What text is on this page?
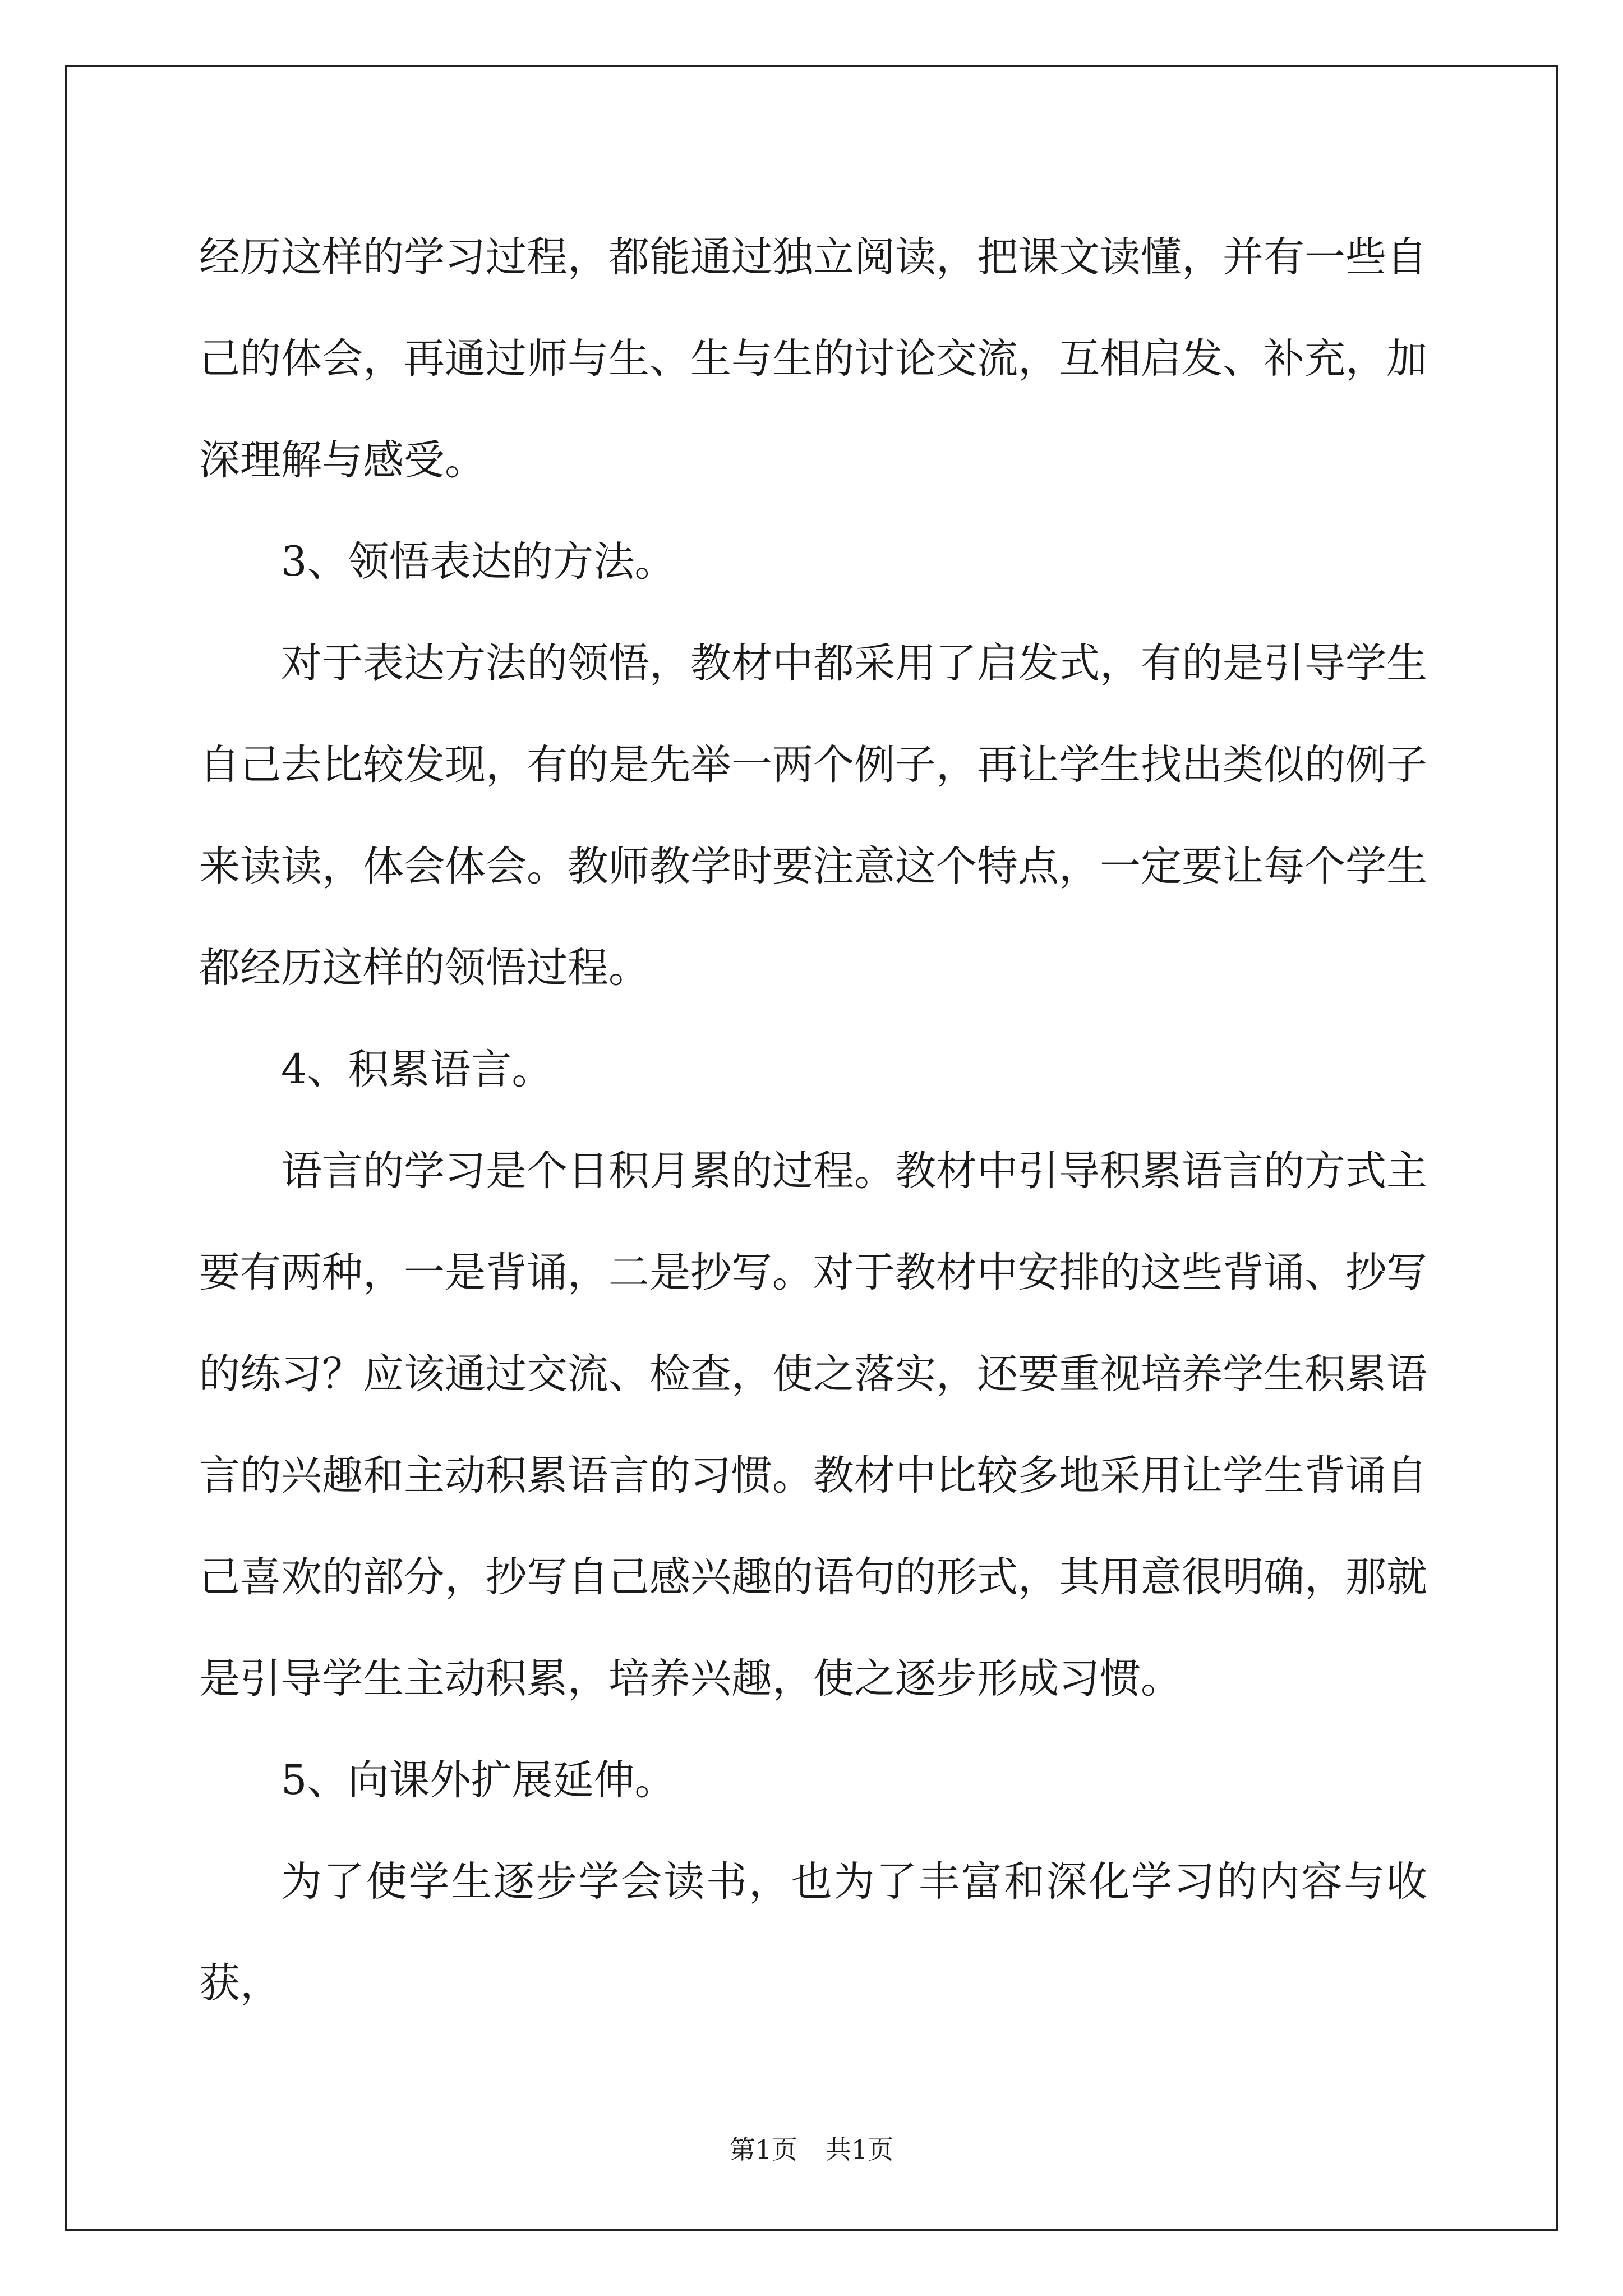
经历这样的学习过程，都能通过独立阅读，把课文读懂，并有一些自己的体会，再通过师与生、生与生的讨论交流，互相启发、补充，加深理解与感受。

3、领悟表达的方法。

对于表达方法的领悟，教材中都采用了启发式，有的是引导学生自己去比较发现，有的是先举一两个例子，再让学生找出类似的例子来读读，体会体会。教师教学时要注意这个特点，一定要让每个学生都经历这样的领悟过程。

4、积累语言。

语言的学习是个日积月累的过程。教材中引导积累语言的方式主要有两种，一是背诵，二是抄写。对于教材中安排的这些背诵、抄写的练习？应该通过交流、检查，使之落实，还要重视培养学生积累语言的兴趣和主动积累语言的习惯。教材中比较多地采用让学生背诵自己喜欢的部分，抄写自己感兴趣的语句的形式，其用意很明确，那就是引导学生主动积累，培养兴趣，使之逐步形成习惯。

5、向课外扩展延伸。

为了使学生逐步学会读书，也为了丰富和深化学习的内容与收获，

第1页 共1页
